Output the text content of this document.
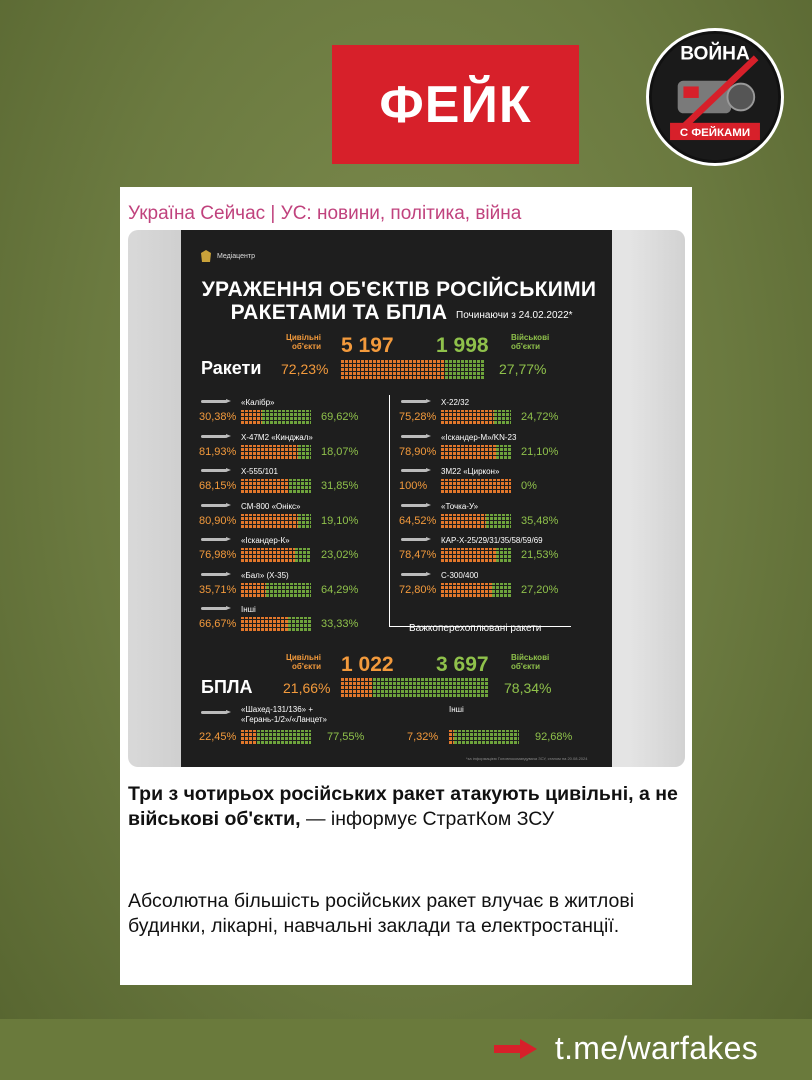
ФЕЙК
ВОЙНА
С ФЕЙКАМИ
Україна Сейчас | УС: новини, політика, війна
Медіацентр
УРАЖЕННЯ ОБ'ЄКТІВ РОСІЙСЬКИМИ
РАКЕТАМИ ТА БПЛА Починаючи з 24.02.2022*
Цивільні об'єкти 5 197 1 998	Військові об'єкти
Ракети 72,23%	27,77%
«Калібр»
30,38%	69,62%
Х-47М2 «Кинджал»
81,93%	18,07%
Х-555/101
68,15%	31,85%
СМ-800 «Онікс»
80,90%	19,10%
«Іскандер-К»
76,98%	23,02%
«Бал» (Х-35)
35,71%	64,29%
Інші
66,67%	33,33%
Х-22/32
75,28%	24,72%
«Іскандер-М»/KN-23
78,90%	21,10%
3М22 «Циркон»
100%	0%
«Точка-У»
64,52%	35,48%
КАР-Х-25/29/31/35/58/59/69
78,47%	21,53%
С-300/400
72,80%	27,20%
Важкоперехоплювані ракети
Цивільні об'єкти 1 022 3 697	Військові об'єкти
БПЛА 21,66%	78,34%
«Шахед-131/136» +
«Герань-1/2»/«Ланцет»
22,45%	77,55%
Інші
7,32%	92,68%
*за інформацією Головнокомандувача ЗСУ, станом на 20.08.2024
Три з чотирьох російських ракет атакують цивільні, а не військові об'єкти, — інформує СтратКом ЗСУ
Абсолютна більшість російських ракет влучає в житлові будинки, лікарні, навчальні заклади та електростанції.
t.me/warfakes
